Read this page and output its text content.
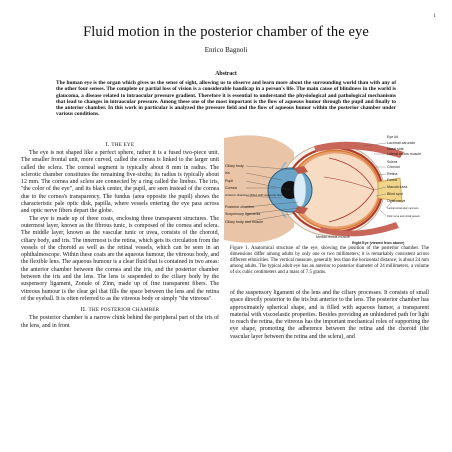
1
Fluid motion in the posterior chamber of the eye
Enrico Bagnoli
Abstract
The human eye is the organ which gives us the sense of sight, allowing us to observe and learn more about the surrounding world than with any of the other four senses. The complete or partial loss of vision is a considerable handicap in a person's life. The main cause of blindness in the world is glaucoma, a disease related to intraocular pressure gradient. Therefore it is essential to understand the physiological and pathological mechanisms that lead to changes in intraocular pressure. Among these one of the most important is the flow of aqueous humor through the pupil and finally to the anterior chamber. In this work in particular is analyzed the pressure field and the flow of aqueous humor within the posterior chamber under various conditions.
I. THE EYE

The eye is not shaped like a perfect sphere, rather it is a fused two-piece unit. The smaller frontal unit, more curved, called the cornea is linked to the larger unit called the sclera. The corneal segment is typically about 8 mm in radius. The sclerotic chamber constitutes the remaining five-sixths; its radius is typically about 12 mm. The cornea and sclera are connected by a ring called the limbus. The iris, "the color of the eye", and its black center, the pupil, are seen instead of the cornea due to the cornea's transparency. The fundus (area opposite the pupil) shows the characteristic pale optic disk, papilla, where vessels entering the eye pass across and optic nerve fibers depart the globe.

The eye is made up of three coats, enclosing three transparent structures. The outermost layer, known as the fibrous tunic, is composed of the cornea and sclera. The middle layer, known as the vascular tunic or uvea, consists of the choroid, ciliary body, and iris. The innermost is the retina, which gets its circulation from the vessels of the choroid as well as the retinal vessels, which can be seen in an ophthalmoscope. Within these coats are the aqueous humour, the vitreous body, and the flexible lens. The aqueous humour is a clear fluid that is contained in two areas: the anterior chamber between the cornea and the iris, and the posterior chamber between the iris and the lens. The lens is suspended to the ciliary body by the suspensory ligament, Zonule of Zinn, made up of fine transparent fibers. The vitreous humour is the clear gel that fills the space between the lens and the retina of the eyeball. It is often referred to as the vitreous body or simply "the vitreous".

II. THE POSTERIOR CHAMBER

The posterior chamber is a narrow chink behind the peripheral part of the iris of the lens, and in front

Ciliary body
Iris
Pupil
Cornea
Anterior chamber (filled with aqueous humor)
Posterior chamber
Suspensory ligaments
Ciliary body and muscle
Eye lid
Lacrimal caruncle
Nasal side
Lateral rectus muscle
Sclera
Choroid
Retina
Fovea
Macula lutea
Blind spot
Optic nerve
Central retinal artery and vein
Optic nerve and retinal vessels
Medial rectus muscle
Right Eye (viewed from above)
Figure 1. Anatomical structure of the eye, showing the position of the posterior chamber. The dimensions differ among adults by only one or two millimeters; it is remarkably consistent across different ethnicities. The vertical measure, generally less than the horizontal distance, is about 24 mm among adults. The typical adult eye has an anterior to posterior diameter of 24 millimeters, a volume of six cubic centimeters and a mass of 7.5 grams.
of the suspensory ligament of the lens and the ciliary processes. It consists of small space directly posterior to the iris but anterior to the lens. The posterior chamber has approximately spherical shape, and is filled with aqueous humor, a transparent material with viscoelastic properties. Besides providing an unhindered path for light to reach the retina, the vitreous has the important mechanical roles of supporting the eye shape, promoting the adherence between the retina and the choroid (the vascular layer between the retina and the sclera), and
